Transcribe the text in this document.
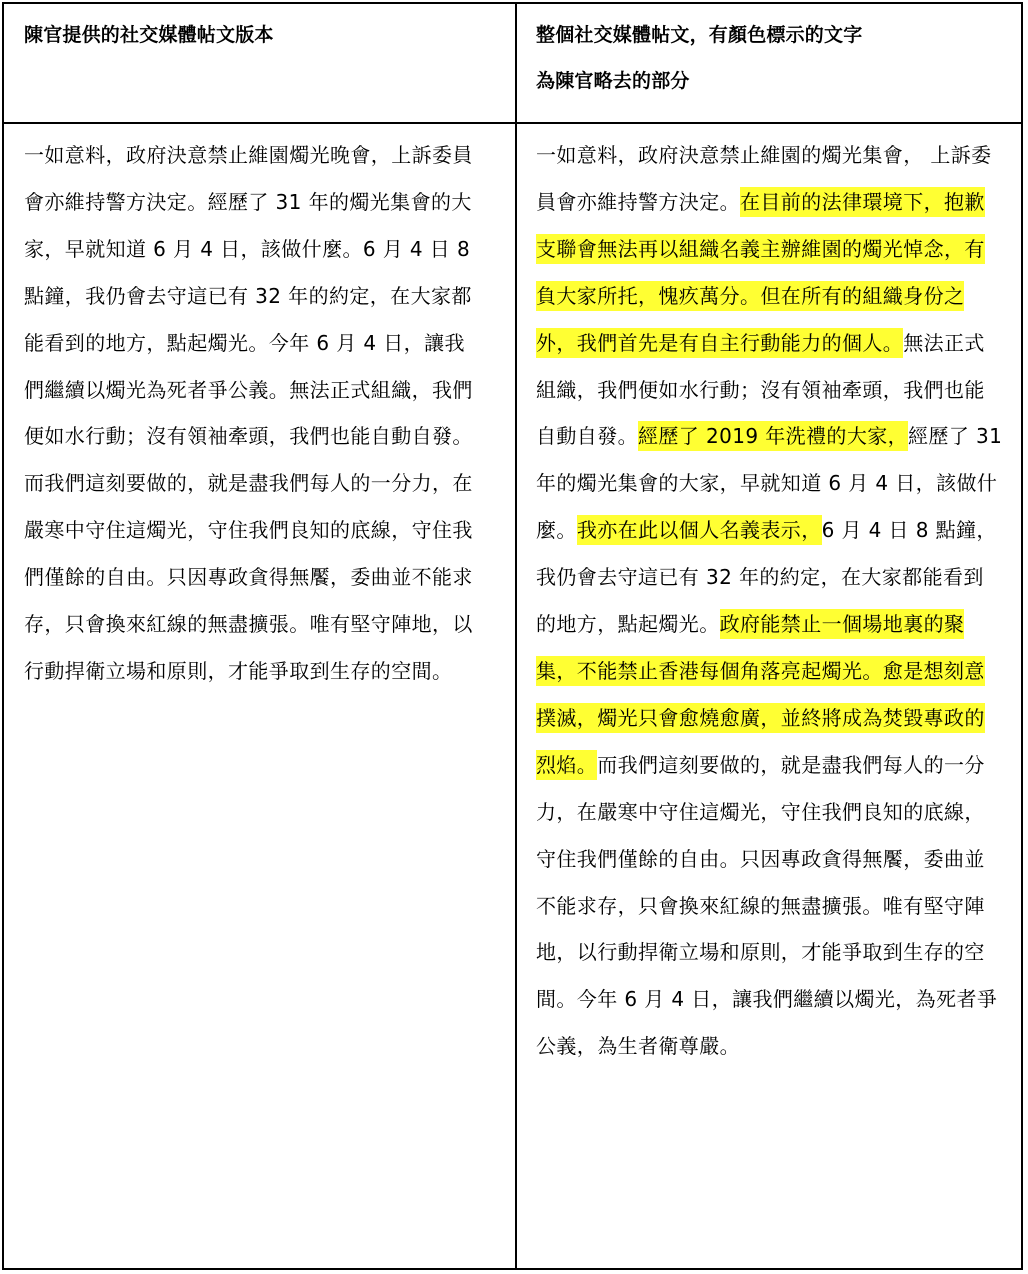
陳官提供的社交媒體帖文版本	整個社交媒體帖文，有顏色標示的文字
為陳官略去的部分
一如意料，政府決意禁止維園燭光晚會，上訴委員會亦維持警方決定。經歷了 31 年的燭光集會的大家，早就知道 6 月 4 日，該做什麼。6 月 4 日 8 點鐘，我仍會去守這已有 32 年的約定，在大家都能看到的地方，點起燭光。今年 6 月 4 日，讓我們繼續以燭光為死者爭公義。無法正式組織，我們便如水行動；沒有領袖牽頭，我們也能自動自發。而我們這刻要做的，就是盡我們每人的一分力，在嚴寒中守住這燭光，守住我們良知的底線，守住我們僅餘的自由。只因專政貪得無饜，委曲並不能求存，只會換來紅線的無盡擴張。唯有堅守陣地，以行動捍衛立場和原則，才能爭取到生存的空間。
一如意料，政府決意禁止維園的燭光集會， 上訴委員會亦維持警方決定。在目前的法律環境下，抱歉支聯會無法再以組織名義主辦維園的燭光悼念，有負大家所托，愧疚萬分。但在所有的組織身份之外，我們首先是有自主行動能力的個人。無法正式組織，我們便如水行動；沒有領袖牽頭，我們也能自動自發。經歷了 2019 年洗禮的大家，經歷了 31 年的燭光集會的大家，早就知道 6 月 4 日，該做什麼。我亦在此以個人名義表示，6 月 4 日 8 點鐘，我仍會去守這已有 32 年的約定，在大家都能看到的地方，點起燭光。政府能禁止一個場地裏的聚集，不能禁止香港每個角落亮起燭光。愈是想刻意撲滅，燭光只會愈燒愈廣，並終將成為焚毀專政的烈焰。而我們這刻要做的，就是盡我們每人的一分力，在嚴寒中守住這燭光，守住我們良知的底線，守住我們僅餘的自由。只因專政貪得無饜，委曲並不能求存，只會換來紅線的無盡擴張。唯有堅守陣地，以行動捍衛立場和原則，才能爭取到生存的空間。今年 6 月 4 日，讓我們繼續以燭光，為死者爭公義，為生者衛尊嚴。
